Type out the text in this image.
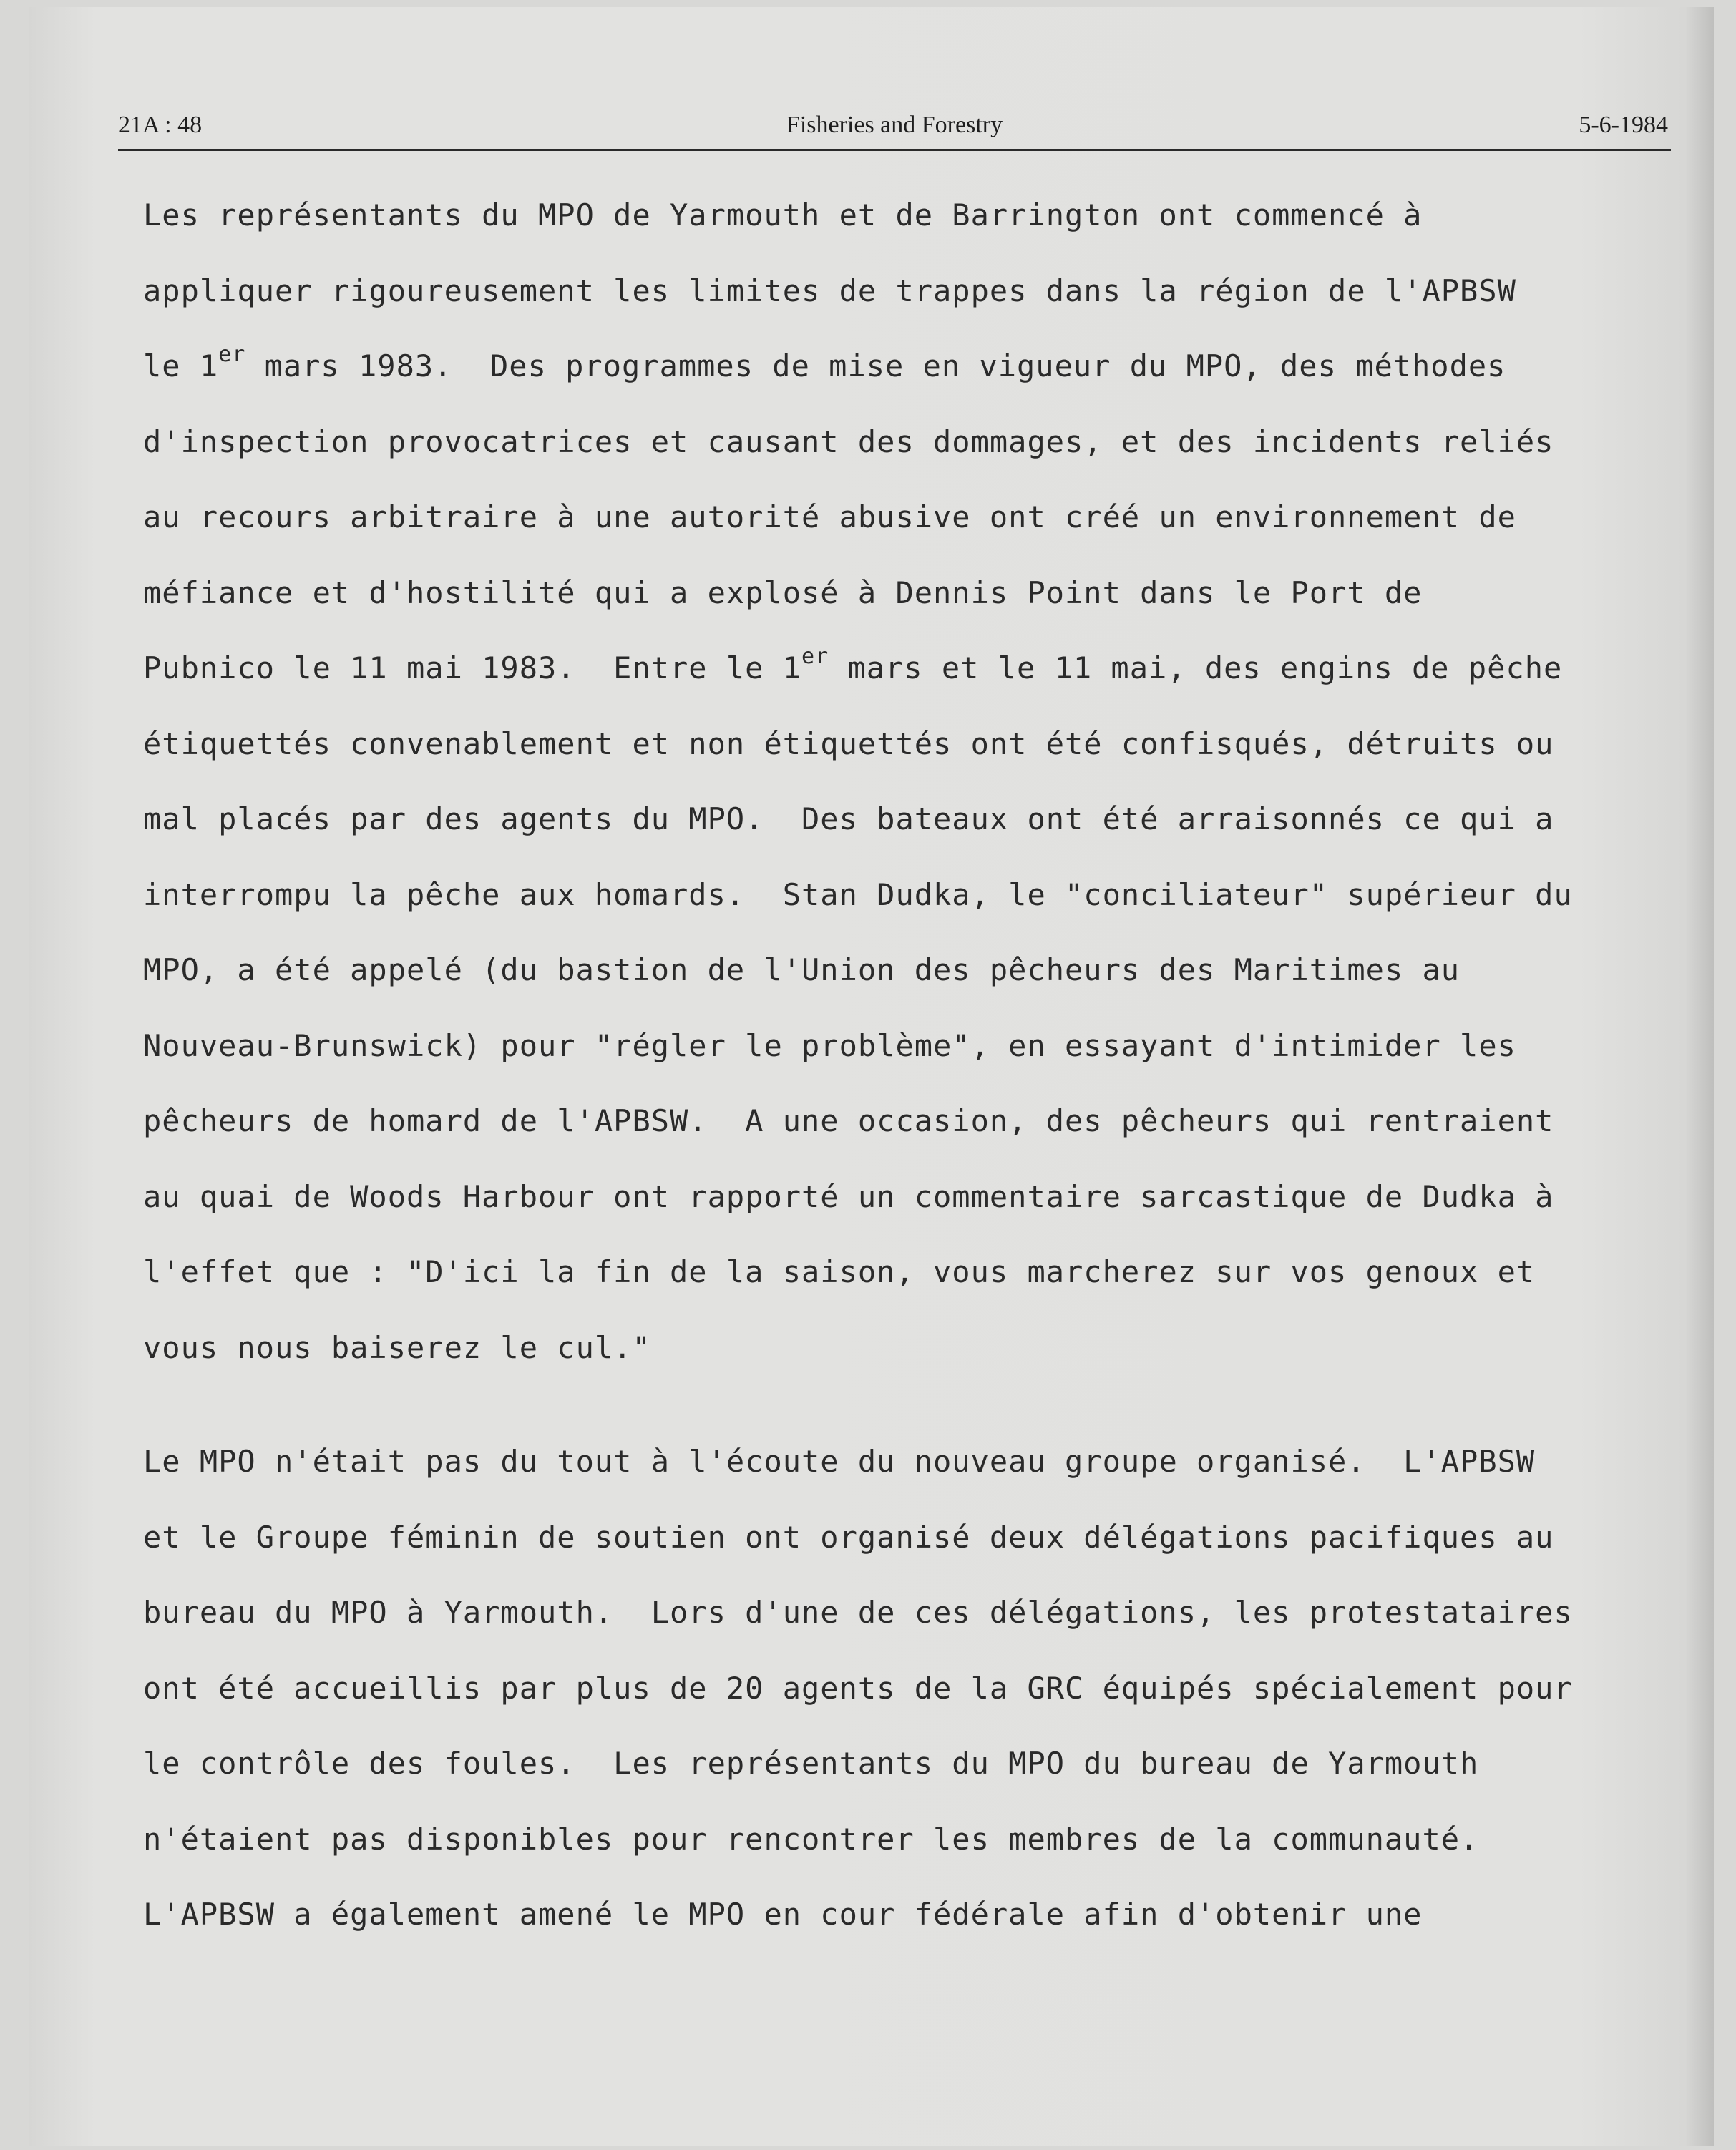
Fisheries and Forestry
21A : 48	5-6-1984
Les représentants du MPO de Yarmouth et de Barrington ont commencé à
appliquer rigoureusement les limites de trappes dans la région de l'APBSW
le 1er mars 1983.  Des programmes de mise en vigueur du MPO, des méthodes
d'inspection provocatrices et causant des dommages, et des incidents reliés
au recours arbitraire à une autorité abusive ont créé un environnement de
méfiance et d'hostilité qui a explosé à Dennis Point dans le Port de
Pubnico le 11 mai 1983.  Entre le 1er mars et le 11 mai, des engins de pêche
étiquettés convenablement et non étiquettés ont été confisqués, détruits ou
mal placés par des agents du MPO.  Des bateaux ont été arraisonnés ce qui a
interrompu la pêche aux homards.  Stan Dudka, le "conciliateur" supérieur du
MPO, a été appelé (du bastion de l'Union des pêcheurs des Maritimes au
Nouveau-Brunswick) pour "régler le problème", en essayant d'intimider les
pêcheurs de homard de l'APBSW.  A une occasion, des pêcheurs qui rentraient
au quai de Woods Harbour ont rapporté un commentaire sarcastique de Dudka à
l'effet que : "D'ici la fin de la saison, vous marcherez sur vos genoux et
vous nous baiserez le cul."
Le MPO n'était pas du tout à l'écoute du nouveau groupe organisé.  L'APBSW
et le Groupe féminin de soutien ont organisé deux délégations pacifiques au
bureau du MPO à Yarmouth.  Lors d'une de ces délégations, les protestataires
ont été accueillis par plus de 20 agents de la GRC équipés spécialement pour
le contrôle des foules.  Les représentants du MPO du bureau de Yarmouth
n'étaient pas disponibles pour rencontrer les membres de la communauté.
L'APBSW a également amené le MPO en cour fédérale afin d'obtenir une
